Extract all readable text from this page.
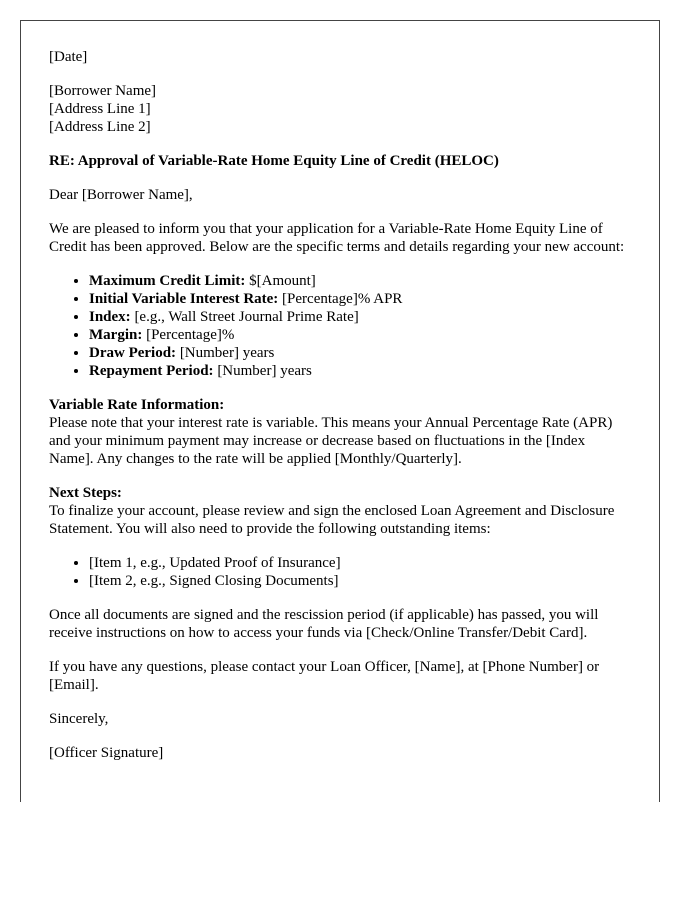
[Date]

[Borrower Name]
[Address Line 1]
[Address Line 2]

RE: Approval of Variable-Rate Home Equity Line of Credit (HELOC)

Dear [Borrower Name],

We are pleased to inform you that your application for a Variable-Rate Home Equity Line of Credit has been approved. Below are the specific terms and details regarding your new account:

• Maximum Credit Limit: $[Amount]
• Initial Variable Interest Rate: [Percentage]% APR
• Index: [e.g., Wall Street Journal Prime Rate]
• Margin: [Percentage]%
• Draw Period: [Number] years
• Repayment Period: [Number] years
Variable Rate Information:
Please note that your interest rate is variable. This means your Annual Percentage Rate (APR) and your minimum payment may increase or decrease based on fluctuations in the [Index Name]. Any changes to the rate will be applied [Monthly/Quarterly].
Next Steps:
To finalize your account, please review and sign the enclosed Loan Agreement and Disclosure Statement. You will also need to provide the following outstanding items:
• [Item 1, e.g., Updated Proof of Insurance]
• [Item 2, e.g., Signed Closing Documents]

Once all documents are signed and the rescission period (if applicable) has passed, you will receive instructions on how to access your funds via [Check/Online Transfer/Debit Card].

If you have any questions, please contact your Loan Officer, [Name], at [Phone Number] or [Email].

Sincerely,

[Officer Signature]
